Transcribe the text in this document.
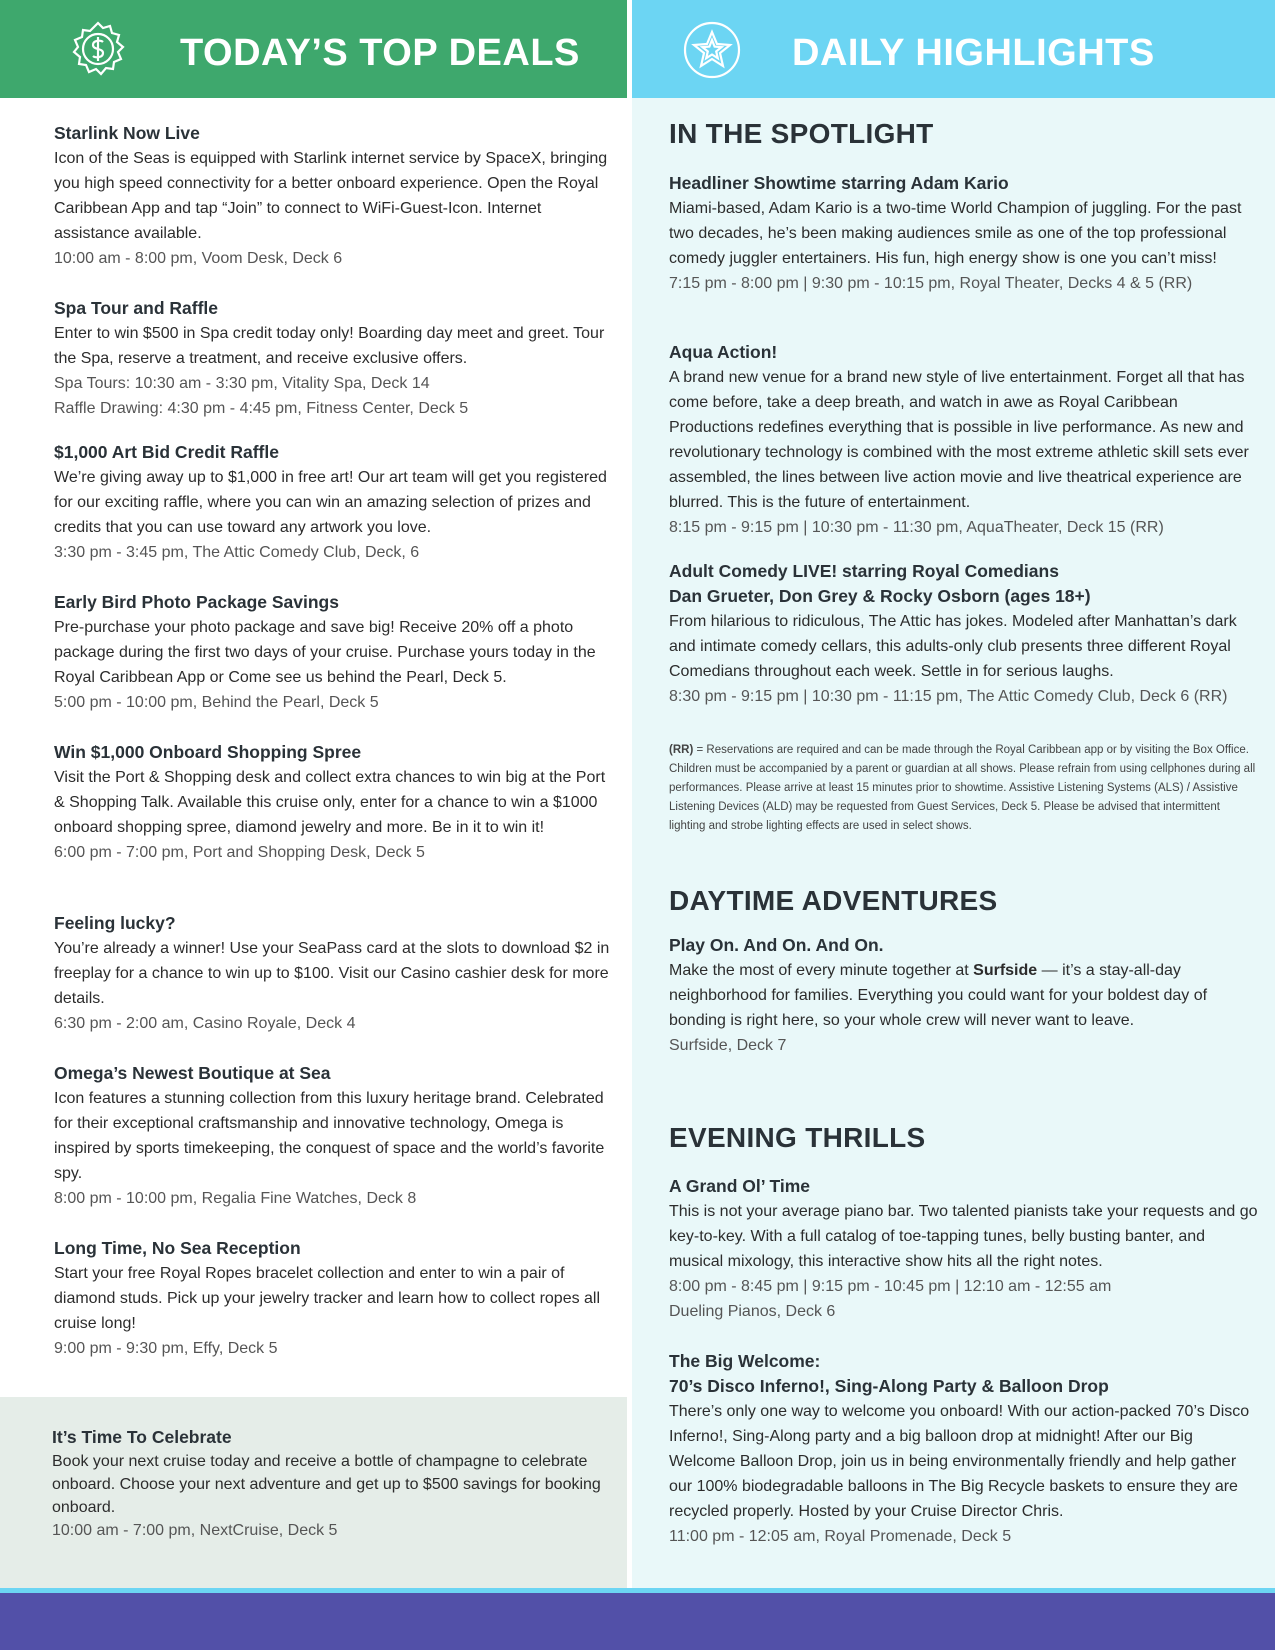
TODAY’S TOP DEALS
Starlink Now Live
Icon of the Seas is equipped with Starlink internet service by SpaceX, bringing you high speed connectivity for a better onboard experience. Open the Royal Caribbean App and tap “Join” to connect to WiFi-Guest-Icon. Internet assistance available.
10:00 am - 8:00 pm, Voom Desk, Deck 6
Spa Tour and Raffle
Enter to win $500 in Spa credit today only! Boarding day meet and greet. Tour the Spa, reserve a treatment, and receive exclusive offers.
Spa Tours: 10:30 am - 3:30 pm, Vitality Spa, Deck 14
Raffle Drawing: 4:30 pm - 4:45 pm, Fitness Center, Deck 5
$1,000 Art Bid Credit Raffle
We’re giving away up to $1,000 in free art! Our art team will get you registered for our exciting raffle, where you can win an amazing selection of prizes and credits that you can use toward any artwork you love.
3:30 pm - 3:45 pm, The Attic Comedy Club, Deck, 6
Early Bird Photo Package Savings
Pre-purchase your photo package and save big! Receive 20% off a photo package during the first two days of your cruise. Purchase yours today in the Royal Caribbean App or Come see us behind the Pearl, Deck 5.
5:00 pm - 10:00 pm, Behind the Pearl, Deck 5
Win $1,000 Onboard Shopping Spree
Visit the Port & Shopping desk and collect extra chances to win big at the Port & Shopping Talk. Available this cruise only, enter for a chance to win a $1000 onboard shopping spree, diamond jewelry and more. Be in it to win it!
6:00 pm - 7:00 pm, Port and Shopping Desk, Deck 5
Feeling lucky?
You’re already a winner! Use your SeaPass card at the slots to download $2 in freeplay for a chance to win up to $100. Visit our Casino cashier desk for more details.
6:30 pm - 2:00 am, Casino Royale, Deck 4
Omega’s Newest Boutique at Sea
Icon features a stunning collection from this luxury heritage brand. Celebrated for their exceptional craftsmanship and innovative technology, Omega is inspired by sports timekeeping, the conquest of space and the world’s favorite spy.
8:00 pm - 10:00 pm, Regalia Fine Watches, Deck 8
Long Time, No Sea Reception
Start your free Royal Ropes bracelet collection and enter to win a pair of diamond studs. Pick up your jewelry tracker and learn how to collect ropes all cruise long!
9:00 pm - 9:30 pm, Effy, Deck 5
It’s Time To Celebrate
Book your next cruise today and receive a bottle of champagne to celebrate onboard. Choose your next adventure and get up to $500 savings for booking onboard.
10:00 am - 7:00 pm, NextCruise, Deck 5
DAILY HIGHLIGHTS
IN THE SPOTLIGHT
Headliner Showtime starring Adam Kario
Miami-based, Adam Kario is a two-time World Champion of juggling. For the past two decades, he’s been making audiences smile as one of the top professional comedy juggler entertainers. His fun, high energy show is one you can’t miss!
7:15 pm - 8:00 pm | 9:30 pm - 10:15 pm, Royal Theater, Decks 4 & 5 (RR)
Aqua Action!
A brand new venue for a brand new style of live entertainment. Forget all that has come before, take a deep breath, and watch in awe as Royal Caribbean Productions redefines everything that is possible in live performance. As new and revolutionary technology is combined with the most extreme athletic skill sets ever assembled, the lines between live action movie and live theatrical experience are blurred. This is the future of entertainment.
8:15 pm - 9:15 pm | 10:30 pm - 11:30 pm, AquaTheater, Deck 15 (RR)
Adult Comedy LIVE! starring Royal Comedians
Dan Grueter, Don Grey & Rocky Osborn (ages 18+)
From hilarious to ridiculous, The Attic has jokes. Modeled after Manhattan’s dark and intimate comedy cellars, this adults-only club presents three different Royal Comedians throughout each week. Settle in for serious laughs.
8:30 pm - 9:15 pm | 10:30 pm - 11:15 pm, The Attic Comedy Club, Deck 6 (RR)
(RR) = Reservations are required and can be made through the Royal Caribbean app or by visiting the Box Office. Children must be accompanied by a parent or guardian at all shows. Please refrain from using cellphones during all performances. Please arrive at least 15 minutes prior to showtime. Assistive Listening Systems (ALS) / Assistive Listening Devices (ALD) may be requested from Guest Services, Deck 5. Please be advised that intermittent lighting and strobe lighting effects are used in select shows.
DAYTIME ADVENTURES
Play On. And On. And On.
Make the most of every minute together at Surfside — it’s a stay-all-day neighborhood for families. Everything you could want for your boldest day of bonding is right here, so your whole crew will never want to leave.
Surfside, Deck 7
EVENING THRILLS
A Grand Ol’ Time
This is not your average piano bar. Two talented pianists take your requests and go key-to-key. With a full catalog of toe-tapping tunes, belly busting banter, and musical mixology, this interactive show hits all the right notes.
8:00 pm - 8:45 pm | 9:15 pm - 10:45 pm | 12:10 am - 12:55 am
Dueling Pianos, Deck 6
The Big Welcome:
70’s Disco Inferno!, Sing-Along Party & Balloon Drop
There’s only one way to welcome you onboard! With our action-packed 70’s Disco Inferno!, Sing-Along party and a big balloon drop at midnight! After our Big Welcome Balloon Drop, join us in being environmentally friendly and help gather our 100% biodegradable balloons in The Big Recycle baskets to ensure they are recycled properly. Hosted by your Cruise Director Chris.
11:00 pm - 12:05 am, Royal Promenade, Deck 5
